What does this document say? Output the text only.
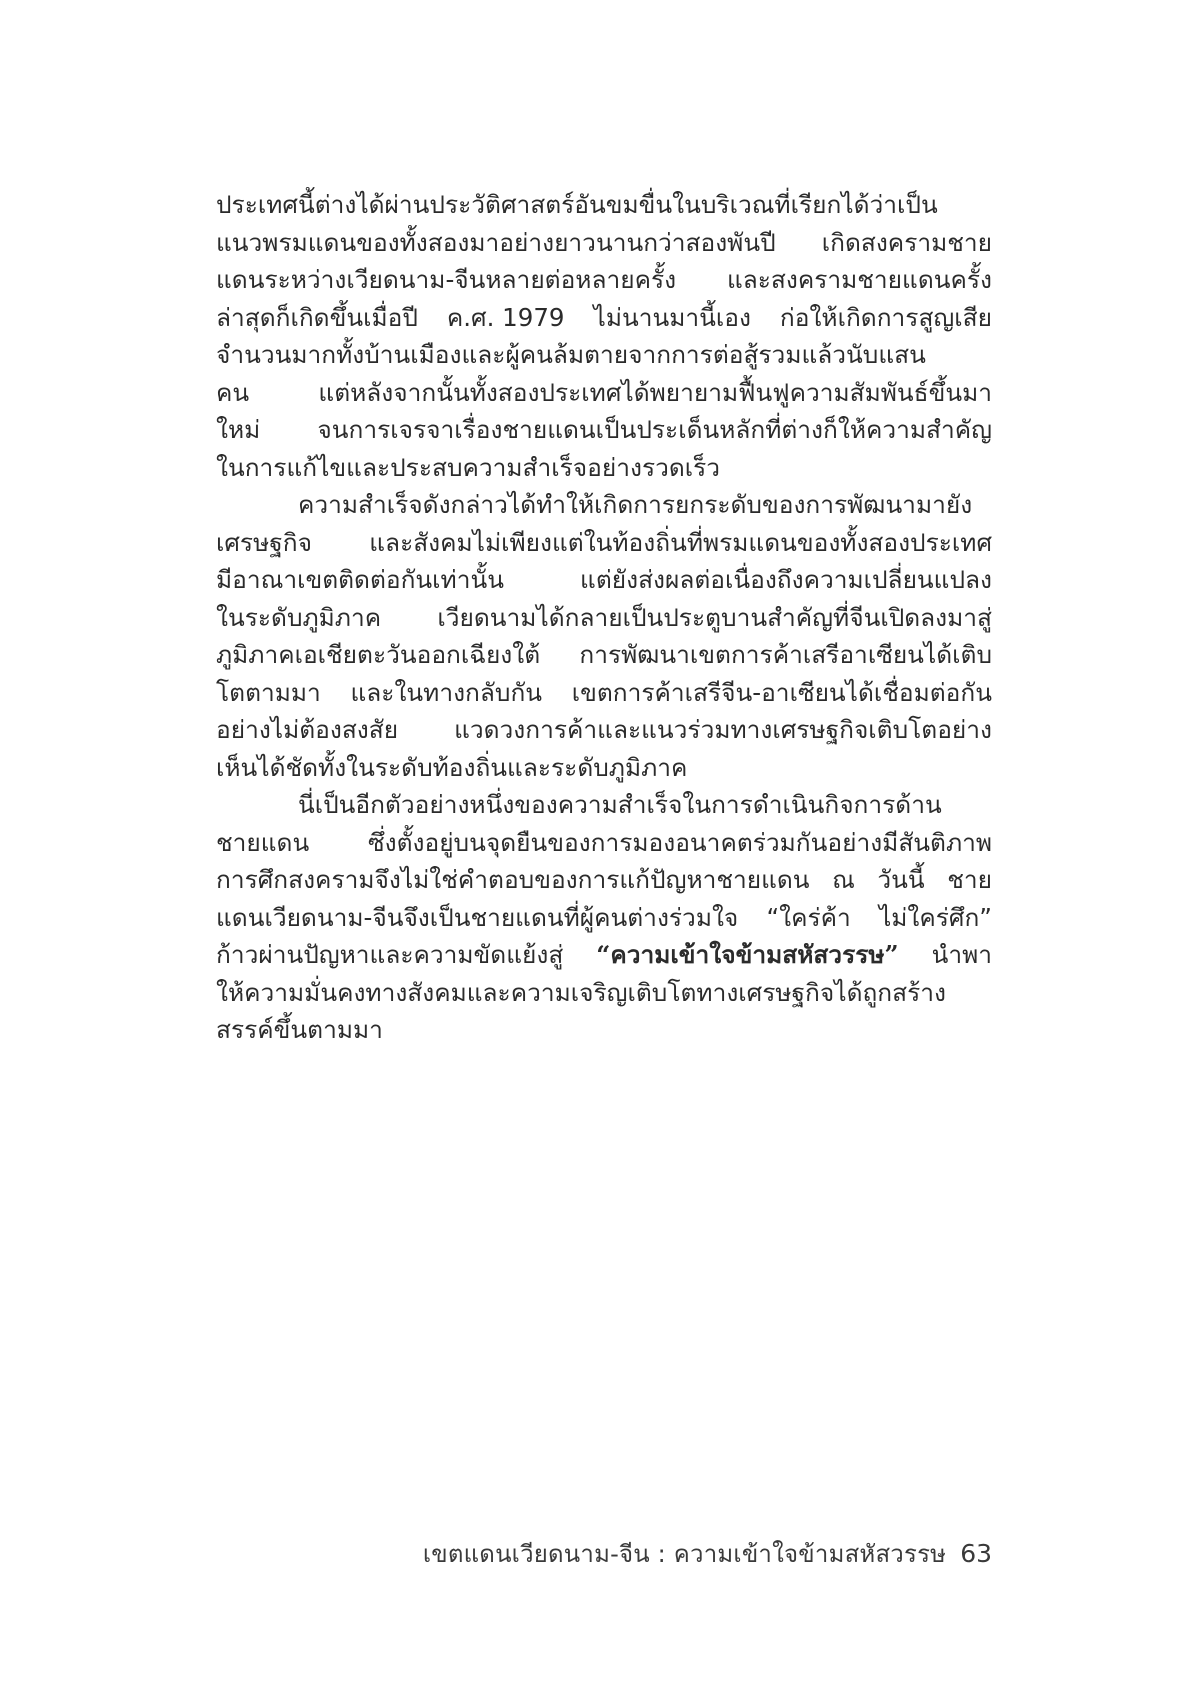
ประเทศนี้ต่างได้ผ่านประวัติศาสตร์อันขมขื่นในบริเวณที่เรียกได้ว่าเป็น
แนวพรมแดนของทั้งสองมาอย่างยาวนานกว่าสองพันปี เกิดสงครามชาย
แดนระหว่างเวียดนาม-จีนหลายต่อหลายครั้ง และสงครามชายแดนครั้ง
ล่าสุดก็เกิดขึ้นเมื่อปี ค.ศ. 1979 ไม่นานมานี้เอง ก่อให้เกิดการสูญเสีย
จำนวนมากทั้งบ้านเมืองและผู้คนล้มตายจากการต่อสู้รวมแล้วนับแสน
คน	แต่หลังจากนั้นทั้งสองประเทศได้พยายามฟื้นฟูความสัมพันธ์ขึ้นมา
ใหม่ จนการเจรจาเรื่องชายแดนเป็นประเด็นหลักที่ต่างก็ให้ความสำคัญ
ในการแก้ไขและประสบความสำเร็จอย่างรวดเร็ว
ความสำเร็จดังกล่าวได้ทำให้เกิดการยกระดับของการพัฒนามายัง
เศรษฐกิจ และสังคมไม่เพียงแต่ในท้องถิ่นที่พรมแดนของทั้งสองประเทศ
มีอาณาเขตติดต่อกันเท่านั้น	แต่ยังส่งผลต่อเนื่องถึงความเปลี่ยนแปลง
ในระดับภูมิภาค เวียดนามได้กลายเป็นประตูบานสำคัญที่จีนเปิดลงมาสู่
ภูมิภาคเอเชียตะวันออกเฉียงใต้ การพัฒนาเขตการค้าเสรีอาเซียนได้เติบ
โตตามมา และในทางกลับกัน เขตการค้าเสรีจีน-อาเซียนได้เชื่อมต่อกัน
อย่างไม่ต้องสงสัย แวดวงการค้าและแนวร่วมทางเศรษฐกิจเติบโตอย่าง
เห็นได้ชัดทั้งในระดับท้องถิ่นและระดับภูมิภาค
นี่เป็นอีกตัวอย่างหนึ่งของความสำเร็จในการดำเนินกิจการด้าน
ชายแดน ซึ่งตั้งอยู่บนจุดยืนของการมองอนาคตร่วมกันอย่างมีสันติภาพ
การศึกสงครามจึงไม่ใช่คำตอบของการแก้ปัญหาชายแดน ณ วันนี้ ชาย
แดนเวียดนาม-จีนจึงเป็นชายแดนที่ผู้คนต่างร่วมใจ “ใคร่ค้า ไม่ใคร่ศึก”
ก้าวผ่านปัญหาและความขัดแย้งสู่ “ความเข้าใจข้ามสหัสวรรษ” นำพา
ให้ความมั่นคงทางสังคมและความเจริญเติบโตทางเศรษฐกิจได้ถูกสร้าง
สรรค์ขึ้นตามมา
เขตแดนเวียดนาม-จีน : ความเข้าใจข้ามสหัสวรรษ 63
